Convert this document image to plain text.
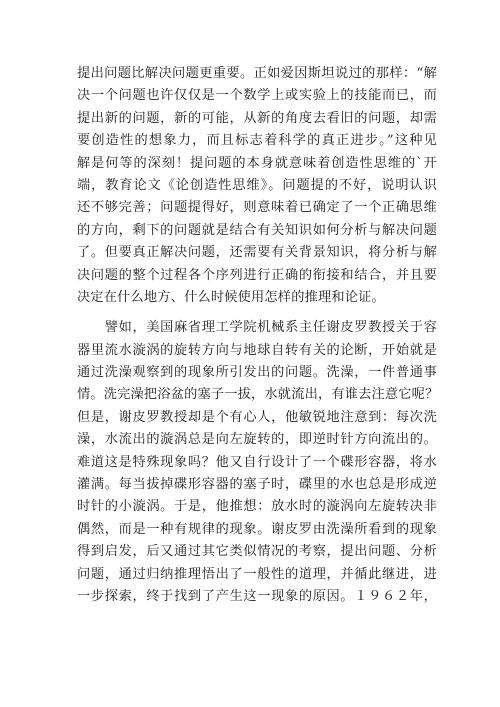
提出问题比解决问题更重要。正如爱因斯坦说过的那样：“解
决一个问题也许仅仅是一个数学上或实验上的技能而已，而
提出新的问题，新的可能，从新的角度去看旧的问题，却需
要创造性的想象力，而且标志着科学的真正进步。”这种见
解是何等的深刻！提问题的本身就意味着创造性思维的`开
端，教育论文《论创造性思维》。问题提的不好，说明认识
还不够完善；问题提得好，则意味着已确定了一个正确思维
的方向，剩下的问题就是结合有关知识如何分析与解决问题
了。但要真正解决问题，还需要有关背景知识，将分析与解
决问题的整个过程各个序列进行正确的衔接和结合，并且要
决定在什么地方、什么时候使用怎样的推理和论证。
　　譬如，美国麻省理工学院机械系主任谢皮罗教授关于容
器里流水漩涡的旋转方向与地球自转有关的论断，开始就是
通过洗澡观察到的现象所引发出的问题。洗澡，一件普通事
情。洗完澡把浴盆的塞子一拔，水就流出，有谁去注意它呢？
但是，谢皮罗教授却是个有心人，他敏锐地注意到：每次洗
澡，水流出的漩涡总是向左旋转的，即逆时针方向流出的。
难道这是特殊现象吗？他又自行设计了一个碟形容器，将水
灌满。每当拔掉碟形容器的塞子时，碟里的水也总是形成逆
时针的小漩涡。于是，他推想：放水时的漩涡向左旋转决非
偶然，而是一种有规律的现象。谢皮罗由洗澡所看到的现象
得到启发，后又通过其它类似情况的考察，提出问题、分析
问题，通过归纳推理悟出了一般性的道理，并循此继进，进
一步探索，终于找到了产生这一现象的原因。１９６２年，
